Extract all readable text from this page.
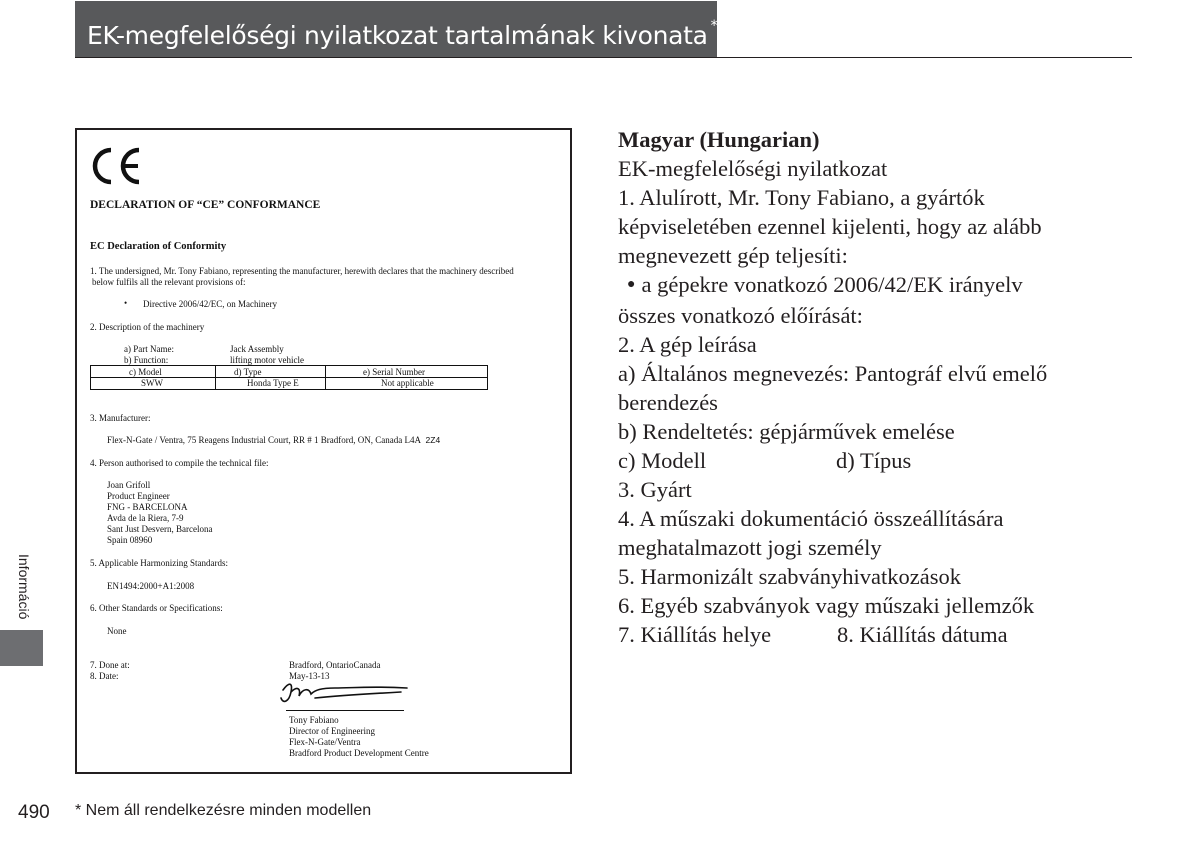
EK-megfelelőségi nyilatkozat tartalmának kivonata *
Információ
DECLARATION OF “CE” CONFORMANCE
EC Declaration of Conformity
1. The undersigned, Mr. Tony Fabiano, representing the manufacturer, herewith declares that the machinery described
below fulfils all the relevant provisions of:
• Directive 2006/42/EC, on Machinery
2. Description of the machinery
a) Part Name:	Jack Assembly
b) Function:	lifting motor vehicle
c) Model	d) Type	e) Serial Number
SWW	Honda Type E	Not applicable
3. Manufacturer:
Flex-N-Gate / Ventra, 75 Reagens Industrial Court, RR # 1 Bradford, ON, Canada L4A 2Z4
4. Person authorised to compile the technical file:
Joan Grifoll
Product Engineer
FNG - BARCELONA
Avda de la Riera, 7-9
Sant Just Desvern, Barcelona
Spain 08960
5. Applicable Harmonizing Standards:
EN1494:2000+A1:2008
6. Other Standards or Specifications:
None
7. Done at:	Bradford, OntarioCanada
8. Date:	May-13-13
Tony Fabiano
Director of Engineering
Flex-N-Gate/Ventra
Bradford Product Development Centre
Magyar (Hungarian)
EK-megfelelőségi nyilatkozat
1. Alulírott, Mr. Tony Fabiano, a gyártók
képviseletében ezennel kijelenti, hogy az alább
megnevezett gép teljesíti:
● a gépekre vonatkozó 2006/42/EK irányelv
összes vonatkozó előírását:
2. A gép leírása
a) Általános megnevezés: Pantográf elvű emelő
berendezés
b) Rendeltetés: gépjárművek emelése
c) Modell	d) Típus
3. Gyárt
4. A műszaki dokumentáció összeállítására
meghatalmazott jogi személy
5. Harmonizált szabványhivatkozások
6. Egyéb szabványok vagy műszaki jellemzők
7. Kiállítás helye	8. Kiállítás dátuma
490 * Nem áll rendelkezésre minden modellen
